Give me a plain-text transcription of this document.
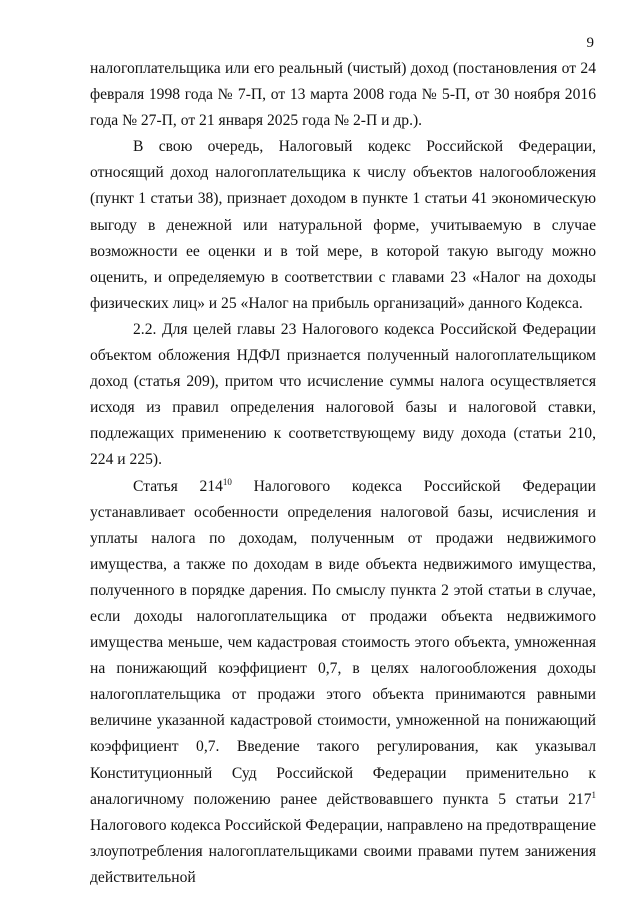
9

налогоплательщика или его реальный (чистый) доход (постановления от 24 февраля 1998 года № 7-П, от 13 марта 2008 года № 5-П, от 30 ноября 2016 года № 27-П, от 21 января 2025 года № 2-П и др.).

В свою очередь, Налоговый кодекс Российской Федерации, относящий доход налогоплательщика к числу объектов налогообложения (пункт 1 статьи 38), признает доходом в пункте 1 статьи 41 экономическую выгоду в денежной или натуральной форме, учитываемую в случае возможности ее оценки и в той мере, в которой такую выгоду можно оценить, и определяемую в соответствии с главами 23 «Налог на доходы физических лиц» и 25 «Налог на прибыль организаций» данного Кодекса.

2.2. Для целей главы 23 Налогового кодекса Российской Федерации объектом обложения НДФЛ признается полученный налогоплательщиком доход (статья 209), притом что исчисление суммы налога осуществляется исходя из правил определения налоговой базы и налоговой ставки, подлежащих применению к соответствующему виду дохода (статьи 210, 224 и 225).

Статья $214^{10}$ Налогового кодекса Российской Федерации устанавливает особенности определения налоговой базы, исчисления и уплаты налога по доходам, полученным от продажи недвижимого имущества, а также по доходам в виде объекта недвижимого имущества, полученного в порядке дарения. По смыслу пункта 2 этой статьи в случае, если доходы налогоплательщика от продажи объекта недвижимого имущества меньше, чем кадастровая стоимость этого объекта, умноженная на понижающий коэффициент 0,7, в целях налогообложения доходы налогоплательщика от продажи этого объекта принимаются равными величине указанной кадастровой стоимости, умноженной на понижающий коэффициент 0,7. Введение такого регулирования, как указывал Конституционный Суд Российской Федерации применительно к аналогичному положению ранее действовавшего пункта 5 статьи $217^1$ Налогового кодекса Российской Федерации, направлено на предотвращение злоупотребления налогоплательщиками своими правами путем занижения действительной
